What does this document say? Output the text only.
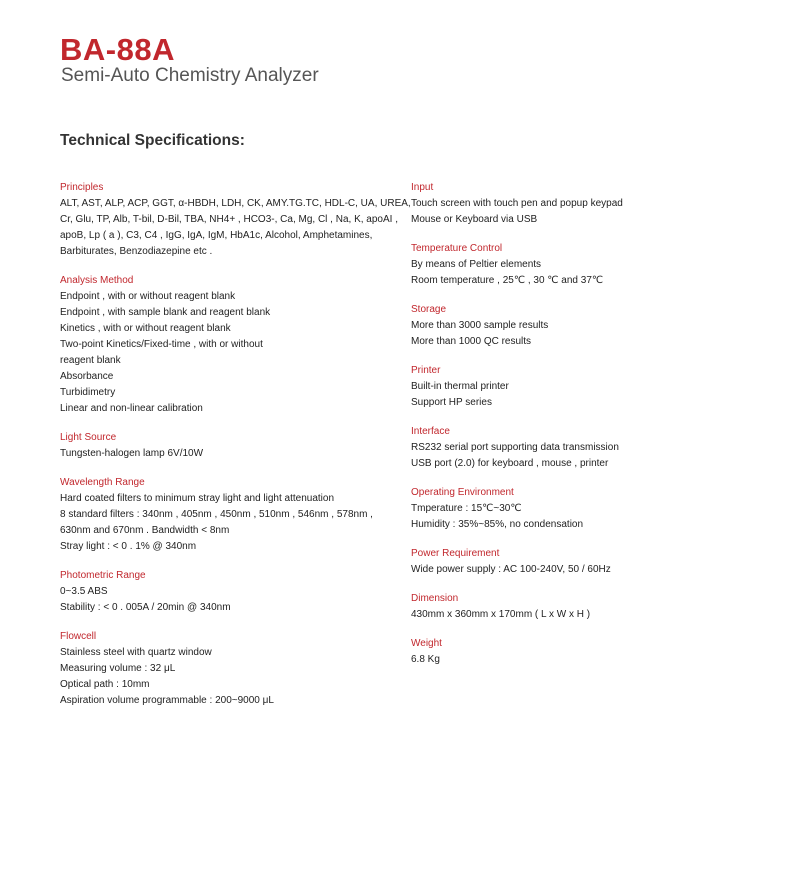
BA-88A
Semi-Auto Chemistry Analyzer
Technical Specifications:
Principles
ALT, AST, ALP, ACP, GGT, α-HBDH, LDH, CK, AMY.TG.TC, HDL-C, UA, UREA,
Cr, Glu, TP, Alb, T-bil, D-Bil, TBA, NH4+ , HCO3-, Ca, Mg, Cl , Na, K, apoAI ,
apoB, Lp ( a ), C3, C4 , IgG, IgA, IgM, HbA1c, Alcohol, Amphetamines,
Barbiturates, Benzodiazepine etc .
Analysis Method
Endpoint , with or without reagent blank
Endpoint , with sample blank and reagent blank
Kinetics , with or without reagent blank
Two-point Kinetics/Fixed-time , with or without
reagent blank
Absorbance
Turbidimetry
Linear and non-linear calibration
Light Source
Tungsten-halogen lamp 6V/10W
Wavelength Range
Hard coated filters to minimum stray light and light attenuation
8 standard filters : 340nm , 405nm , 450nm , 510nm , 546nm , 578nm ,
630nm and 670nm . Bandwidth < 8nm
Stray light : < 0 . 1% @ 340nm
Photometric Range
0~3.5 ABS
Stability : < 0 . 005A / 20min @ 340nm
Flowcell
Stainless steel with quartz window
Measuring volume : 32 μL
Optical path : 10mm
Aspiration volume programmable : 200~9000 μL
Input
Touch screen with touch pen and popup keypad
Mouse or Keyboard via USB
Temperature Control
By means of Peltier elements
Room temperature , 25℃ , 30 ℃ and 37℃
Storage
More than 3000 sample results
More than 1000 QC results
Printer
Built-in thermal printer
Support HP series
Interface
RS232 serial port supporting data transmission
USB port (2.0) for keyboard , mouse , printer
Operating Environment
Tmperature : 15℃~30℃
Humidity : 35%~85%, no condensation
Power Requirement
Wide power supply : AC 100-240V, 50 / 60Hz
Dimension
430mm x 360mm x 170mm ( L x W x H )
Weight
6.8 Kg
